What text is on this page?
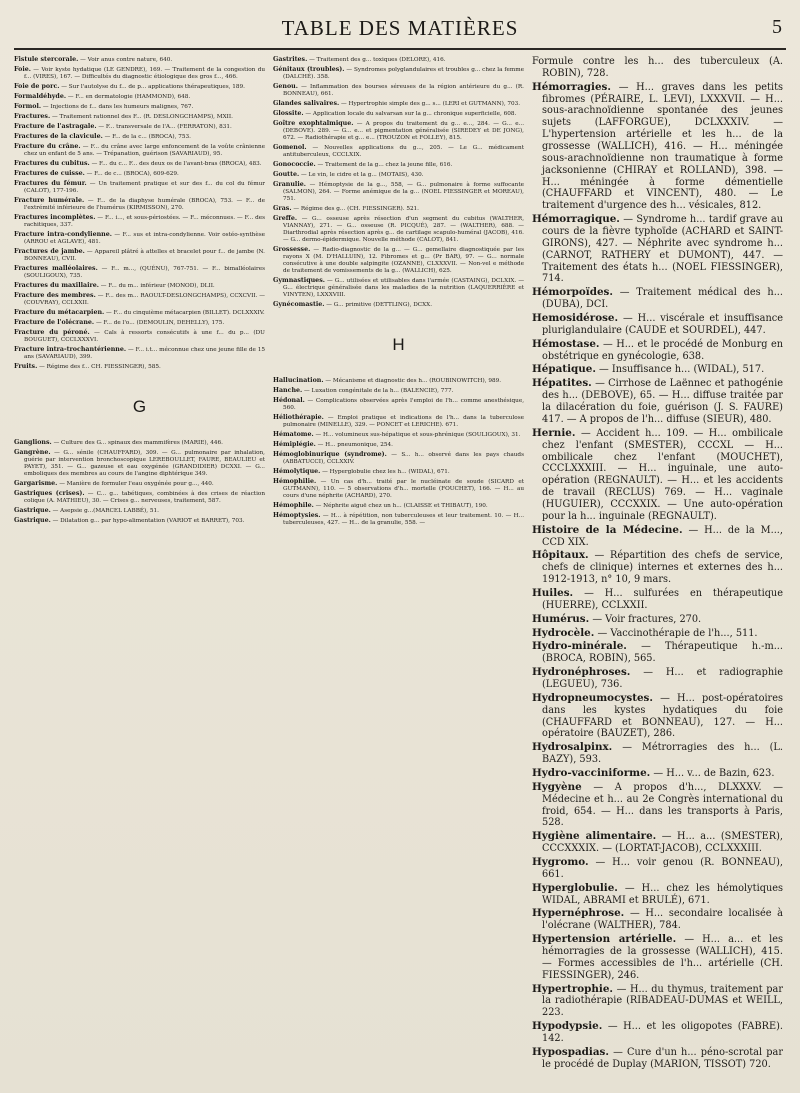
TABLE DES MATIÈRES	5
Fistule stercorale. — Voir anus contre nature, 640.
Foie. — Voir kyste hydatique (LE GENDRE), 169. — Traitement de la congestion du f... (VIRES), 167. — Difficultés du diagnostic étiologique des gros f..., 466.
Foie de porc. — Sur l'autolyse du f... de p... applications thérapeutiques, 189.
Formaldéhyde. — F... en dermatologie (HAMMOND), 648.
Formol. — Injections de f... dans les humeurs malignes, 767.
Fractures. — Traitement rationnel des F... (R. DESLONGCHAMPS), MXII.
Fracture de l'astragale. — F... transversale de l'A... (FERRATON), 831.
Fractures de la clavicule. — F... de la c... (BROCA), 753.
Fracture du crâne. — F... du crâne avec large enfoncement de la voûte crânienne chez un enfant de 5 ans. — Trépanation, guérison (SAVARIAUD), 95.
Fractures du cubitus. — F... du c... F... des deux os de l'avant-bras (BROCA), 483.
Fractures de cuisse. — F... de c... (BROCA), 609-629.
Fractures du fémur. — Un traitement pratique et sur des f... du col du fémur (CALOT), 177-196.
Fracture humérale. — F... de la diaphyse humérale (BROCA), 753. — F... de l'extrémité inférieure de l'humérus (KIRMISSON), 270.
Fractures incomplètes. — F... i..., et sous-périostées. — F... méconnues. — F... des rachitiques, 337.
Fracture intra-condylienne. — F... sus et intra-condylienne. Voir ostéo-synthèse (ARROU et AGLAVE), 481.
Fractures de jambe. — Appareil plâtré à attelles et bracelet pour f... de jambe (N. BONNEAU), CVII.
Fractures malléolaires. — F... m..., (QUÉNU), 767-751. — F... bimalléolaires (SOULIGOUX), 735.
Fractures du maxillaire. — F... du m... inférieur (MONOD), DLII.
Fracture des membres. — F... des m... RAOULT-DESLONGCHAMPS), CCXCVII. — (COUVRAY), CCLXXII.
Fracture du métacarpien. — F... du cinquième métacarpien (BILLET). DCLXXXIV.
Fracture de l'olécrane. — F... de l'o... (DEMOULIN, DEHELLY), 175.
Fracture du péroné. — Cals à ressorts consécutifs à une f... du p... (DU BOUGUET), CCCLXXXVI.
Fracture intra-trochantérienne. — F... i.t... méconnue chez une jeune fille de 15 ans (SAVARIAUD), 399.
Fruits. — Régime des f... CH. FIESSINGER), 585.
G
Ganglions. — Culture des G... spinaux des mammifères (MARIE), 446.
Gangrène. — G... sénile (CHAUFFARD), 309. — G... pulmonaire par inhalation, guérie par intervention bronchoscopique LEREBOULLET, FAURE, BEAULIEU et PAYET), 351. — G... gazeuse et eau oxygénée (GRANDIDIER) DCXXI. — G... emboliques des membres au cours de l'angine diphtérique 349.
Gargarisme. — Manière de formuler l'eau oxygénée pour g..., 440.
Gastriques (crises). — C... g... tabétiques, combinées à des crises de réaction colique (A. MATHIEU), 30. — Crises g... nerveuses, traitement, 587.
Gastrique. — Asepsie g...(MARCEL LABBÉ), 51.
Gastrique. — Dilatation g... par hypo-alimentation (VARIOT et BARRET), 703.
Gastrites. — Traitement des g... toxiques (DELORE), 416.
Génitaux (troubles). — Syndromes polyglandulaires et troubles g... chez la femme (DALCHÉ). 358.
Genou. — Inflammation des bourses séreuses de la région antérieure du g... (R. BONNEAU), 661.
Glandes salivaires. — Hypertrophie simple des g... s... (LERI et GUTMANN), 703.
Glossite. — Application locale du salvarsan sur la g... chronique superficielle, 608.
Goître exophtalmique. — A propos du traitement du g... e..., 284. — G... e... (DEBOVE). 289. — G... e... et pigmentation généralisée (SIREDEY et DE JONG), 672. — Radiothérapie et g... e... (TROUZON et FOLLEY), 815.
Gomenol. — Nouvelles applications du g..., 205. — Le G... médicament antituberculeux, CCCLXIX.
Gonococcie. — Traitement de la g... chez la jeune fille, 616.
Goutte. — Le vin, le cidre et la g... (MOTAIS), 430.
Granulie. — Hémoptysie de la g..., 558, — G... pulmonaire à forme suffocante (SALMON), 264. — Forme anémique de la g... (NOEL FIESSINGER et MOREAU), 751.
Gras. — Régime des g... (CH. FIESSINGER). 521.
Greffe. — G... osseuse après résection d'un segment du cubitus (WALTHER, VIANNAY), 271. — G... osseuse (R. PICQUÉ), 287. — (WALTHER), 688. — Diarthrodial après résection après g... de cartilage scapulo-huméral (JACOB), 416. — G... dermo-épidermique. Nouvelle méthode (CALOT), 841.
Grossesse. — Radio-diagnostic de la g... — G... gemellaire diagnostiquée par les rayons X (M. D'HALLUIN), 12. Fibromes et g... (Pr BAR), 97. — G... normale consécutive à une double salpingite (OZANNE), CLXXXVII. — Non-vel e méthode de traitement de vomissements de la g... (WALLICH), 625.
Gymnastiques. — G... utilisées et utilisables dans l'armée (CASTAING), DCLXIX. — G... électrique généralisée dans les maladies de la nutrition (LAQUERRIÈRE et VINYTEN), LXXXVIII.
Gynécomastie. — G... primitive (DETTLING), DCXX.
H
Hallucination. — Mécanisme et diagnostic des h... (ROUBINOWITCH), 989.
Hanche. — Luxation congénitale de la h... (BALENCIE), 777.
Hédonal. — Complications observées après l'emploi de l'h... comme anesthésique, 560.
Héliothérapie. — Emploi pratique et indications de l'h... dans la tuberculose pulmonaire (MINELLE), 329. — PONCET et LERICHE). 671.
Hématome. — H... volumineux sus-hépatique et sous-phrénique (SOULIGOUX), 31.
Hémiplégie. — H... pneumonique, 254.
Hémoglobinurique (syndrome). — S... h... observé dans les pays chauds (ABBATUCCI), CCLXXIV.
Hémolytique. — Hyperglobulie chez les h... (WIDAL), 671.
Hémophilie. — Un cas d'h... traité par le nucléinate de soude (SICARD et GUTMANN), 110. — 5 observations d'h... mortelle (FOUCHET), 166. — H... au cours d'une néphrite (ACHARD), 270.
Hémophile. — Néphrite aiguë chez un h... (CLAISSE et THIBAUT), 190.
Hémoptysies. — H... à répétition, non tuberculeuses et leur traitement. 10. — H... tuberculeuses, 427. — H... de la granulie, 558. —
Formule contre les h... des tuberculeux (A. ROBIN), 728.
Hémorragies. — H... graves dans les petits fibromes (PÉRAIRE, L. LEVI), LXXXVII. — H... sous-arachnoïdienne spontanée des jeunes sujets (LAFFORGUE), DCLXXXIV. — L'hypertension artérielle et les h... de la grossesse (WALLICH), 416. — H... méningée sous-arachnoïdienne non traumatique à forme jacksonienne (CHIRAY et ROLLAND), 398. — H... méningée à forme démentielle (CHAUFFARD et VINCENT), 480. — Le traitement d'urgence des h... vésicales, 812.
Hémorragique. — Syndrome h... tardif grave au cours de la fièvre typhoïde (ACHARD et SAINT-GIRONS), 427. — Néphrite avec syndrome h... (CARNOT, RATHERY et DUMONT), 447. — Traitement des états h... (NOEL FIESSINGER), 714.
Hémorpoïdes. — Traitement médical des h... (DUBA), DCI.
Hemosidérose. — H... viscérale et insuffisance pluriglandulaire (CAUDE et SOURDEL), 447.
Hémostase. — H... et le procédé de Monburg en obstétrique en gynécologie, 638.
Hépatique. — Insuffisance h... (WIDAL), 517.
Hépatites. — Cirrhose de Laënnec et pathogénie des h... (DEBOVE), 65. — H... diffuse traitée par la dilacération du foie, guérison (J. S. FAURE) 417. — A propos de l'h... diffuse (SIEUR), 480.
Hernie. — Accident h... 109. — H... ombilicale chez l'enfant (SMESTER), CCCXL — H... ombilicale chez l'enfant (MOUCHET), CCCLXXXIII. — H... inguinale, une auto-opération (REGNAULT). — H... et les accidents de travail (RECLUS) 769. — H... vaginale (HUGUIER), CCCXXIX. — Une auto-opération pour la h... inguinale (REGNAULT).
Histoire de la Médecine. — H... de la M..., CCD XIX.
Hôpitaux. — Répartition des chefs de service, chefs de clinique) internes et externes des h... 1912-1913, n° 10, 9 mars.
Huiles. — H... sulfurées en thérapeutique (HUERRE), CCLXXII.
Humérus. — Voir fractures, 270.
Hydrocèle. — Vaccinothérapie de l'h..., 511.
Hydro-minérale. — Thérapeutique h.-m... (BROCA, ROBIN), 565.
Hydronéphroses. — H... et radiographie (LEGUEU), 736.
Hydropneumocystes. — H... post-opératoires dans les kystes hydatiques du foie (CHAUFFARD et BONNEAU), 127. — H... opératoire (BAUZET), 286.
Hydrosalpinx. — Métrorragies des h... (L. BAZY), 593.
Hydro-vacciniforme. — H... v... de Bazin, 623.
Hygyène — A propos d'h..., DLXXXV. — Médecine et h... au 2e Congrès international du froid, 654. — H... dans les transports à Paris, 528.
Hygiène alimentaire. — H... a... (SMESTER), CCCXXXIX. — (LORTAT-JACOB), CCLXXXIII.
Hygromo. — H... voir genou (R. BONNEAU), 661.
Hyperglobulie. — H... chez les hémolytiques WIDAL, ABRAMI et BRULÉ), 671.
Hypernéphrose. — H... secondaire localisée à l'olécrane (WALTHER), 784.
Hypertension artérielle. — H... a... et les hémorragies de la grossesse (WALLICH), 415. — Formes accessibles de l'h... artérielle (CH. FIESSINGER), 246.
Hypertrophie. — H... du thymus, traitement par la radiothérapie (RIBADEAU-DUMAS et WEILL, 223.
Hypodypsie. — H... et les oligopotes (FABRE). 142.
Hypospadias. — Cure d'un h... péno-scrotal par le procédé de Duplay (MARION, TISSOT) 720.
